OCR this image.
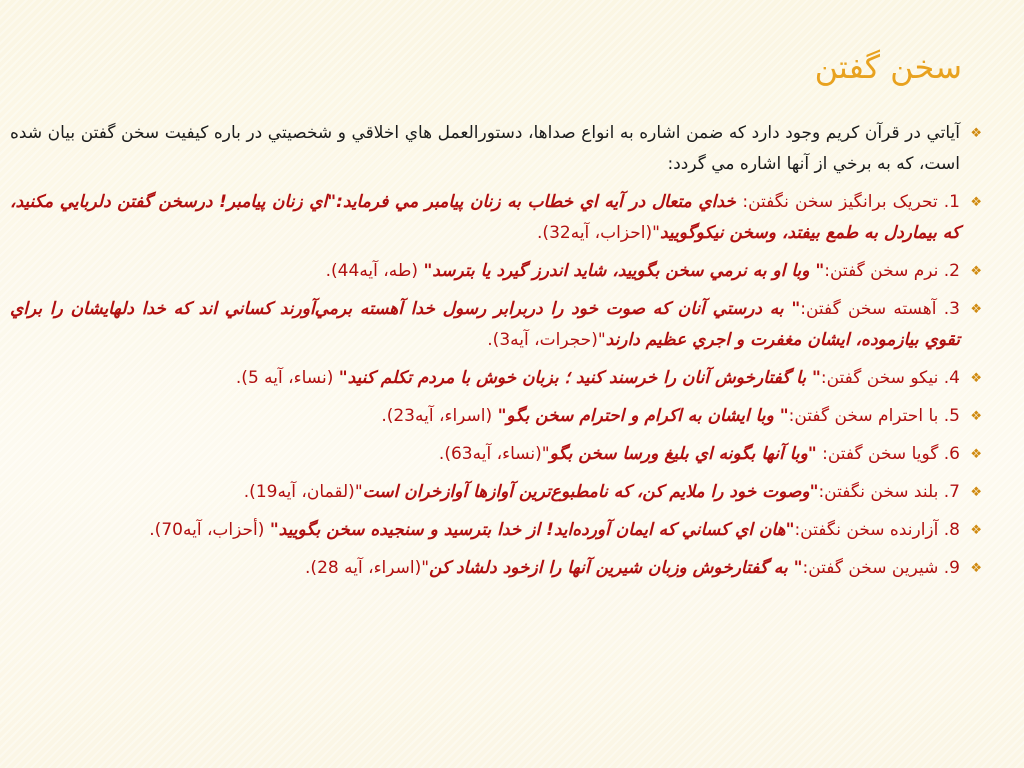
سخن گفتن
❖
آياتي در قرآن كريم وجود دارد كه ضمن اشاره به انواع صداها، دستورالعمل هاي اخلاقي و شخصيتي در باره كيفيت سخن گفتن بيان شده است، كه به برخي از آنها اشاره مي گردد:
❖
1. تحريک برانگيز سخن نگفتن: خداي متعال در آيه اي خطاب به زنان پيامبر مي فرمايد:"اي زنان پيامبر! درسخن گفتن دلربايي مكنيد، كه بيماردل به طمع بيفتد، وسخن نيكوگوييد"(احزاب، آيه32).
❖
2. نرم سخن گفتن:" وبا او به نرمي سخن بگوييد، شايد اندرز گيرد يا بترسد" (طه، آيه44).
❖
3. آهسته سخن گفتن:" به درستي آنان كه صوت خود را دربرابر رسول خدا آهسته برمي‌آورند كساني اند كه خدا دلهايشان را براي تقوي بيازموده، ايشان مغفرت و اجري عظيم دارند"(حجرات، آيه3).
❖
4. نيكو سخن گفتن:" با گفتارخوش آنان را خرسند كنيد ؛ بزبان خوش با مردم تكلم كنيد" (نساء، آيه 5).
❖
5. با احترام سخن گفتن:" وبا ايشان به اكرام و احترام سخن بگو" (اسراء، آيه23).
❖
6. گويا سخن گفتن: "وبا آنها بگونه اي بليغ ورسا سخن بگو"(نساء، آيه63).
❖
7. بلند سخن نگفتن:"وصوت خود را ملايم كن، كه نامطبوع‌ترين آوازها آوازخران است"(لقمان، آيه19).
❖
8. آزارنده سخن نگفتن:"هان اي كساني كه ايمان آورده‌ايد! از خدا بترسيد و سنجيده سخن بگوييد" (أحزاب، آيه70).
❖
9. شيرين سخن گفتن:" به گفتارخوش وزبان شيرين آنها را ازخود دلشاد كن"(اسراء، آيه 28).
